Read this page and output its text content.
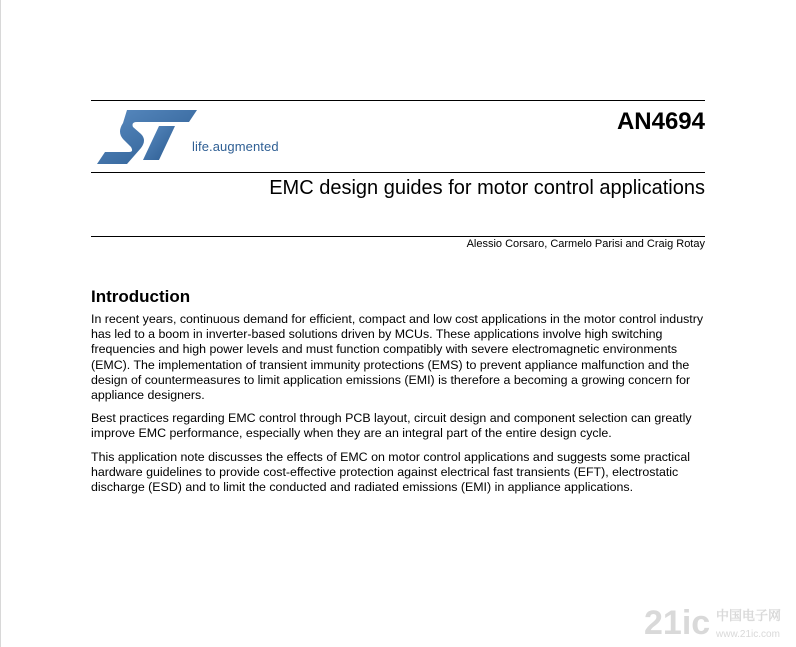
life.augmented
AN4694
EMC design guides for motor control applications
Alessio Corsaro, Carmelo Parisi and Craig Rotay
Introduction

In recent years, continuous demand for efficient, compact and low cost applications in the motor control industry has led to a boom in inverter-based solutions driven by MCUs. These applications involve high switching frequencies and high power levels and must function compatibly with severe electromagnetic environments (EMC). The implementation of transient immunity protections (EMS) to prevent appliance malfunction and the design of countermeasures to limit application emissions (EMI) is therefore a becoming a growing concern for appliance designers.

Best practices regarding EMC control through PCB layout, circuit design and component selection can greatly improve EMC performance, especially when they are an integral part of the entire design cycle.

This application note discusses the effects of EMC on motor control applications and suggests some practical hardware guidelines to provide cost-effective protection against electrical fast transients (EFT), electrostatic discharge (ESD) and to limit the conducted and radiated emissions (EMI) in appliance applications.

21ic 中国电子网
www.21ic.com
